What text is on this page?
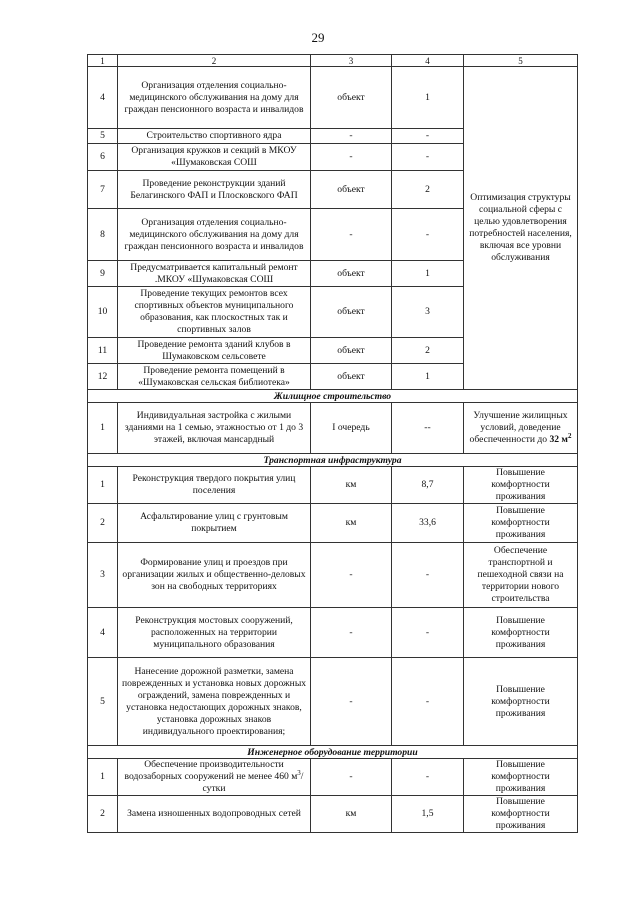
29
1	2	3	4	5
4	Организация отделения социально-медицинского обслуживания на дому для граждан пенсионного возраста и инвалидов	объект	1	Оптимизация структуры социальной сферы с целью удовлетворения потребностей населения, включая все уровни обслуживания
5	Строительство спортивного ядра	-	-	
6	Организация кружков и секций в МКОУ «Шумаковская СОШ	-	-	
7	Проведение реконструкции зданий Белагинского ФАП и Плосковского ФАП	объект	2	
8	Организация отделения социально-медицинского обслуживания на дому для граждан пенсионного возраста и инвалидов	-	-	
9	Предусматривается капитальный ремонт .МКОУ «Шумаковская СОШ	объект	1	
10	Проведение текущих ремонтов всех спортивных объектов муниципального образования, как плоскостных так и спортивных залов	объект	3	
11	Проведение ремонта зданий клубов в Шумаковском сельсовете	объект	2	
12	Проведение ремонта помещений в «Шумаковская сельская библиотека»	объект	1	
Жилищное строительство				
1	Индивидуальная застройка с жилыми зданиями на 1 семью, этажностью от 1 до 3 этажей, включая мансардный	I очередь	--	Улучшение жилищных условий, доведение обеспеченности до 32 $м^2$
Транспортная инфраструктура				
1	Реконструкция твердого покрытия улиц поселения	км	8,7	Повышение комфортности проживания
2	Асфальтирование улиц с грунтовым покрытием	км	33,6	Повышение комфортности проживания
3	Формирование улиц и проездов при организации жилых и общественно-деловых зон на свободных территориях	-	-	Обеспечение транспортной и пешеходной связи на территории нового строительства
4	Реконструкция мостовых сооружений, расположенных на территории муниципального образования	-	-	Повышение комфортности проживания
5	Нанесение дорожной разметки, замена поврежденных и установка новых дорожных ограждений, замена поврежденных и установка недостающих дорожных знаков, установка дорожных знаков индивидуального проектирования;	-	-	Повышение комфортности проживания
Инженерное оборудование территории				
1	Обеспечение производительности водозаборных сооружений не менее 460 $м^3$/сутки	-	-	Повышение комфортности проживания
2	Замена изношенных водопроводных сетей	км	1,5	Повышение комфортности проживания
